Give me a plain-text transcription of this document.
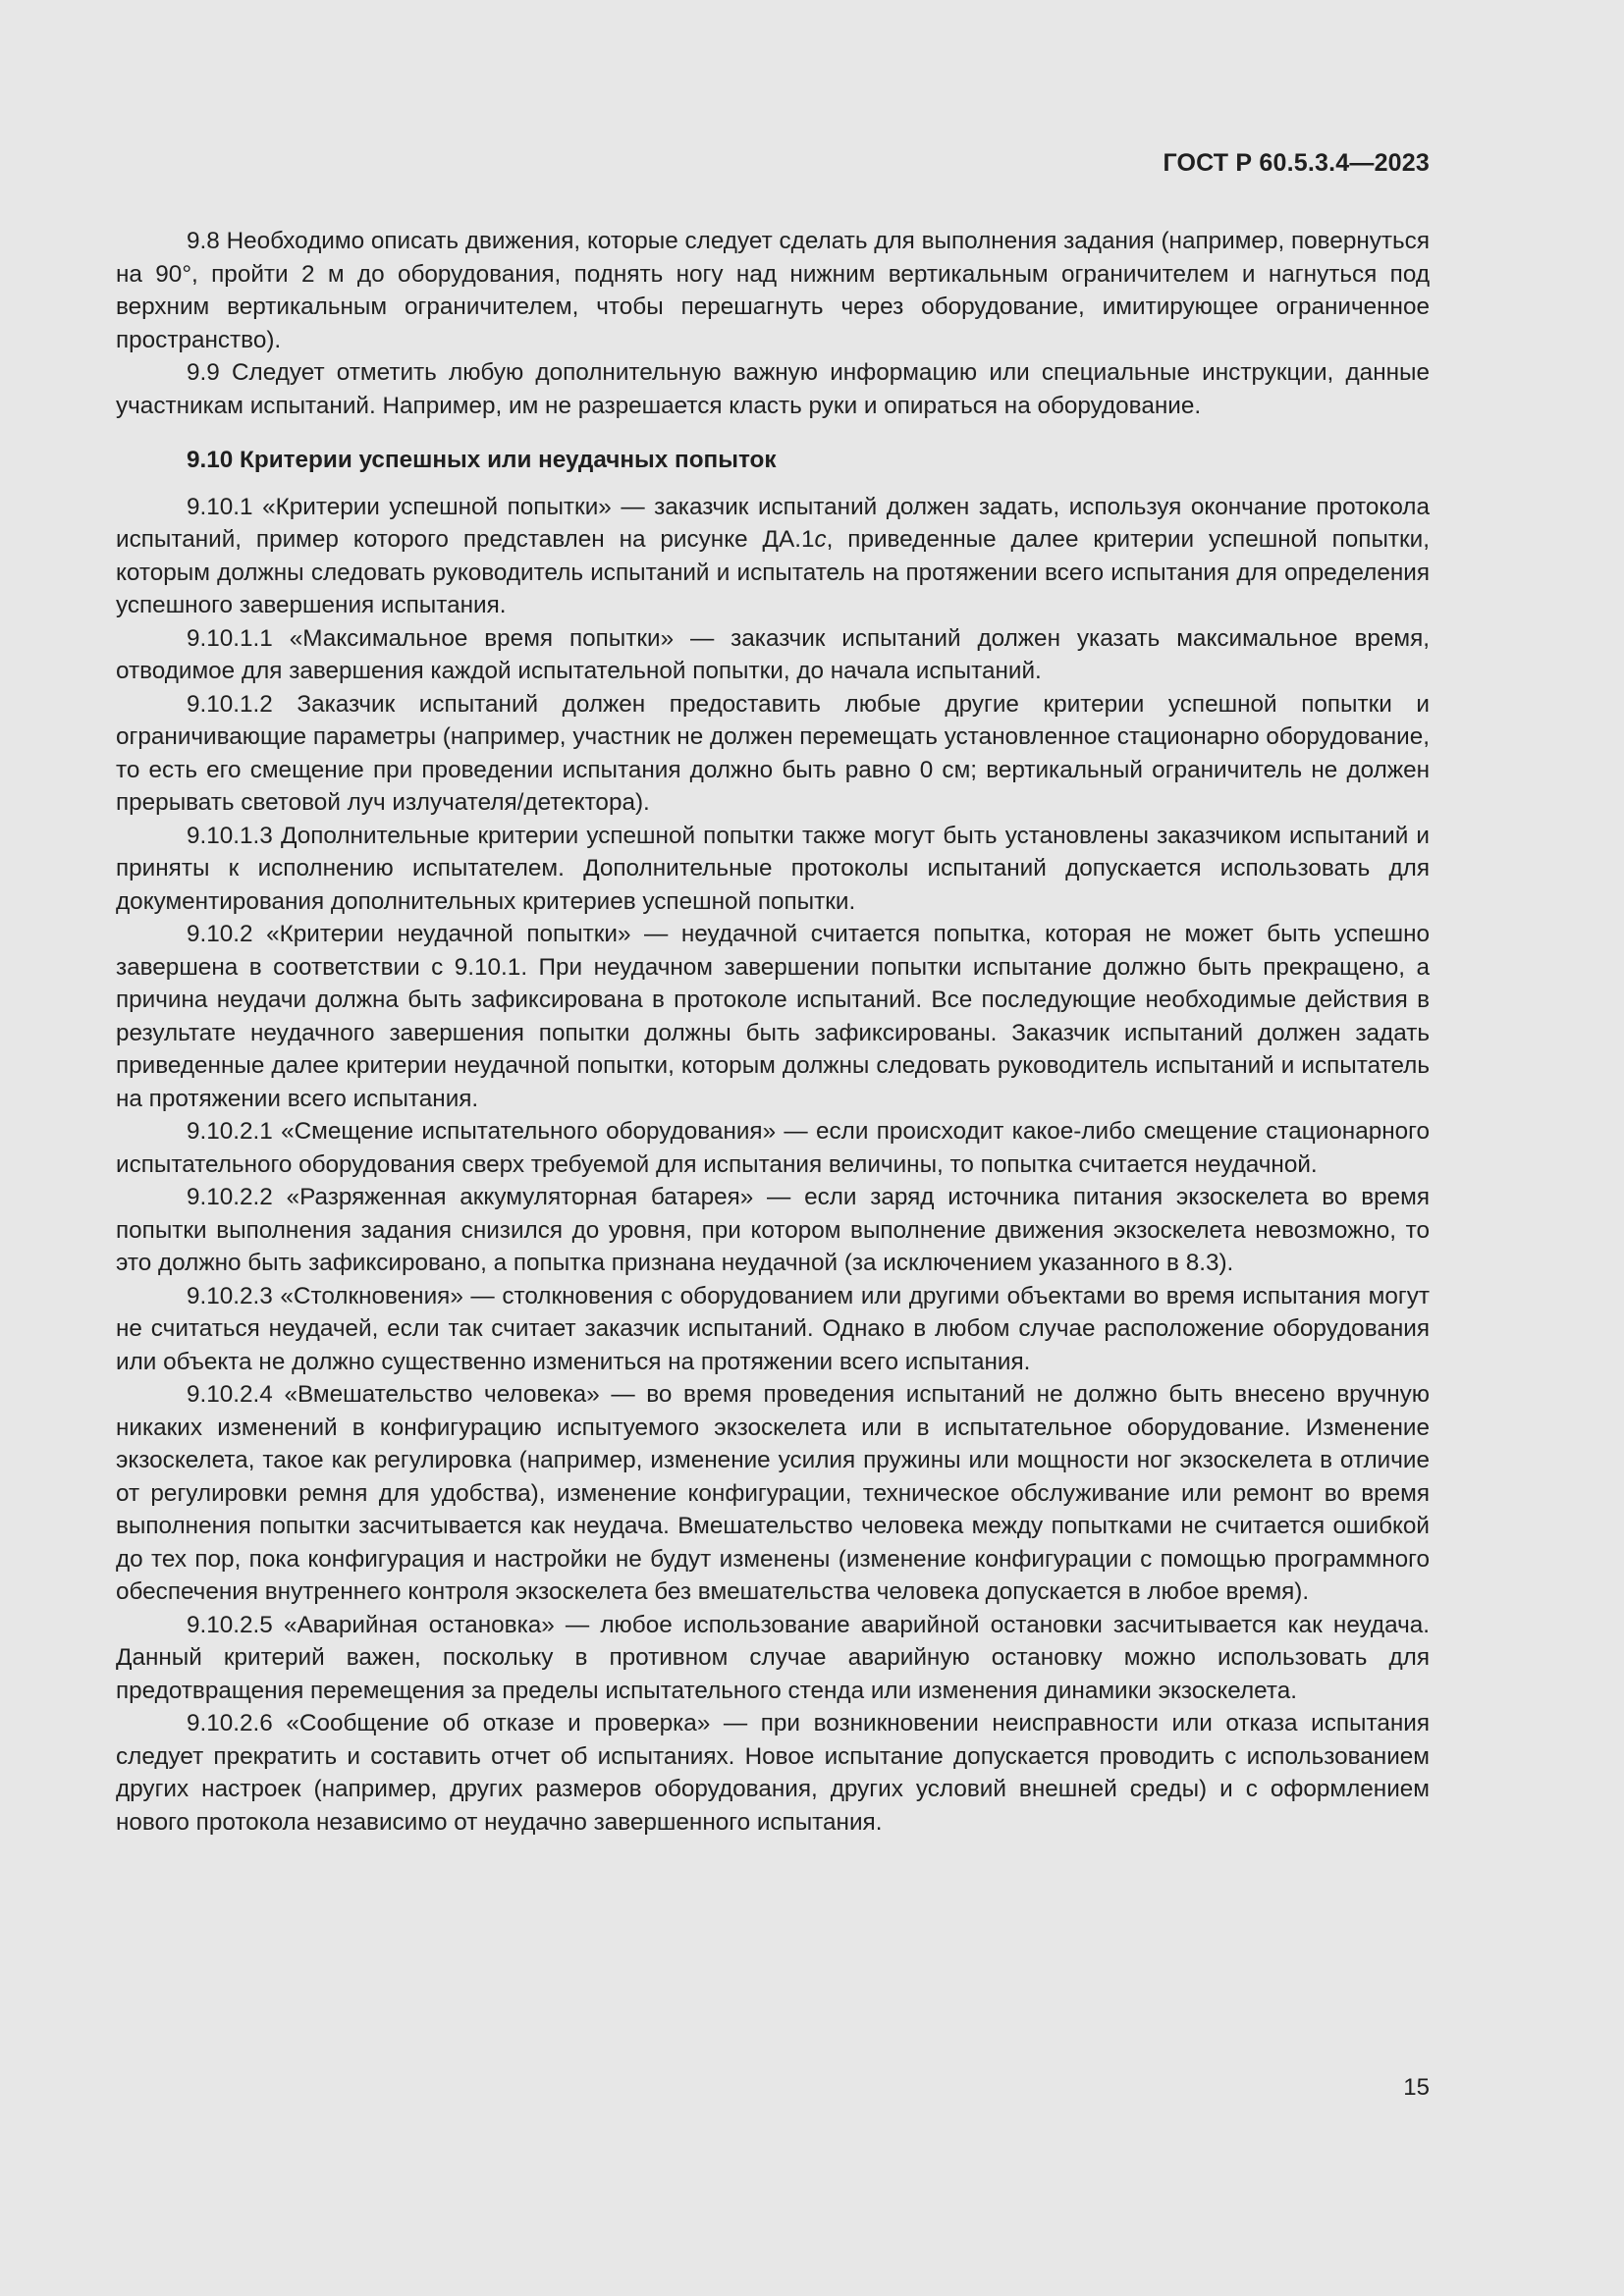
ГОСТ Р 60.5.3.4—2023

9.8 Необходимо описать движения, которые следует сделать для выполнения задания (например, повернуться на 90°, пройти 2 м до оборудования, поднять ногу над нижним вертикальным ограничителем и нагнуться под верхним вертикальным ограничителем, чтобы перешагнуть через оборудование, имитирующее ограниченное пространство).

9.9 Следует отметить любую дополнительную важную информацию или специальные инструкции, данные участникам испытаний. Например, им не разрешается класть руки и опираться на оборудование.

9.10 Критерии успешных или неудачных попыток

9.10.1 «Критерии успешной попытки» — заказчик испытаний должен задать, используя окончание протокола испытаний, пример которого представлен на рисунке ДА.1c, приведенные далее критерии успешной попытки, которым должны следовать руководитель испытаний и испытатель на протяжении всего испытания для определения успешного завершения испытания.

9.10.1.1 «Максимальное время попытки» — заказчик испытаний должен указать максимальное время, отводимое для завершения каждой испытательной попытки, до начала испытаний.

9.10.1.2 Заказчик испытаний должен предоставить любые другие критерии успешной попытки и ограничивающие параметры (например, участник не должен перемещать установленное стационарно оборудование, то есть его смещение при проведении испытания должно быть равно 0 см; вертикальный ограничитель не должен прерывать световой луч излучателя/детектора).

9.10.1.3 Дополнительные критерии успешной попытки также могут быть установлены заказчиком испытаний и приняты к исполнению испытателем. Дополнительные протоколы испытаний допускается использовать для документирования дополнительных критериев успешной попытки.

9.10.2 «Критерии неудачной попытки» — неудачной считается попытка, которая не может быть успешно завершена в соответствии с 9.10.1. При неудачном завершении попытки испытание должно быть прекращено, а причина неудачи должна быть зафиксирована в протоколе испытаний. Все последующие необходимые действия в результате неудачного завершения попытки должны быть зафиксированы. Заказчик испытаний должен задать приведенные далее критерии неудачной попытки, которым должны следовать руководитель испытаний и испытатель на протяжении всего испытания.

9.10.2.1 «Смещение испытательного оборудования» — если происходит какое-либо смещение стационарного испытательного оборудования сверх требуемой для испытания величины, то попытка считается неудачной.

9.10.2.2 «Разряженная аккумуляторная батарея» — если заряд источника питания экзоскелета во время попытки выполнения задания снизился до уровня, при котором выполнение движения экзоскелета невозможно, то это должно быть зафиксировано, а попытка признана неудачной (за исключением указанного в 8.3).

9.10.2.3 «Столкновения» — столкновения с оборудованием или другими объектами во время испытания могут не считаться неудачей, если так считает заказчик испытаний. Однако в любом случае расположение оборудования или объекта не должно существенно измениться на протяжении всего испытания.

9.10.2.4 «Вмешательство человека» — во время проведения испытаний не должно быть внесено вручную никаких изменений в конфигурацию испытуемого экзоскелета или в испытательное оборудование. Изменение экзоскелета, такое как регулировка (например, изменение усилия пружины или мощности ног экзоскелета в отличие от регулировки ремня для удобства), изменение конфигурации, техническое обслуживание или ремонт во время выполнения попытки засчитывается как неудача. Вмешательство человека между попытками не считается ошибкой до тех пор, пока конфигурация и настройки не будут изменены (изменение конфигурации с помощью программного обеспечения внутреннего контроля экзоскелета без вмешательства человека допускается в любое время).

9.10.2.5 «Аварийная остановка» — любое использование аварийной остановки засчитывается как неудача. Данный критерий важен, поскольку в противном случае аварийную остановку можно использовать для предотвращения перемещения за пределы испытательного стенда или изменения динамики экзоскелета.

9.10.2.6 «Сообщение об отказе и проверка» — при возникновении неисправности или отказа испытания следует прекратить и составить отчет об испытаниях. Новое испытание допускается проводить с использованием других настроек (например, других размеров оборудования, других условий внешней среды) и с оформлением нового протокола независимо от неудачно завершенного испытания.

15
